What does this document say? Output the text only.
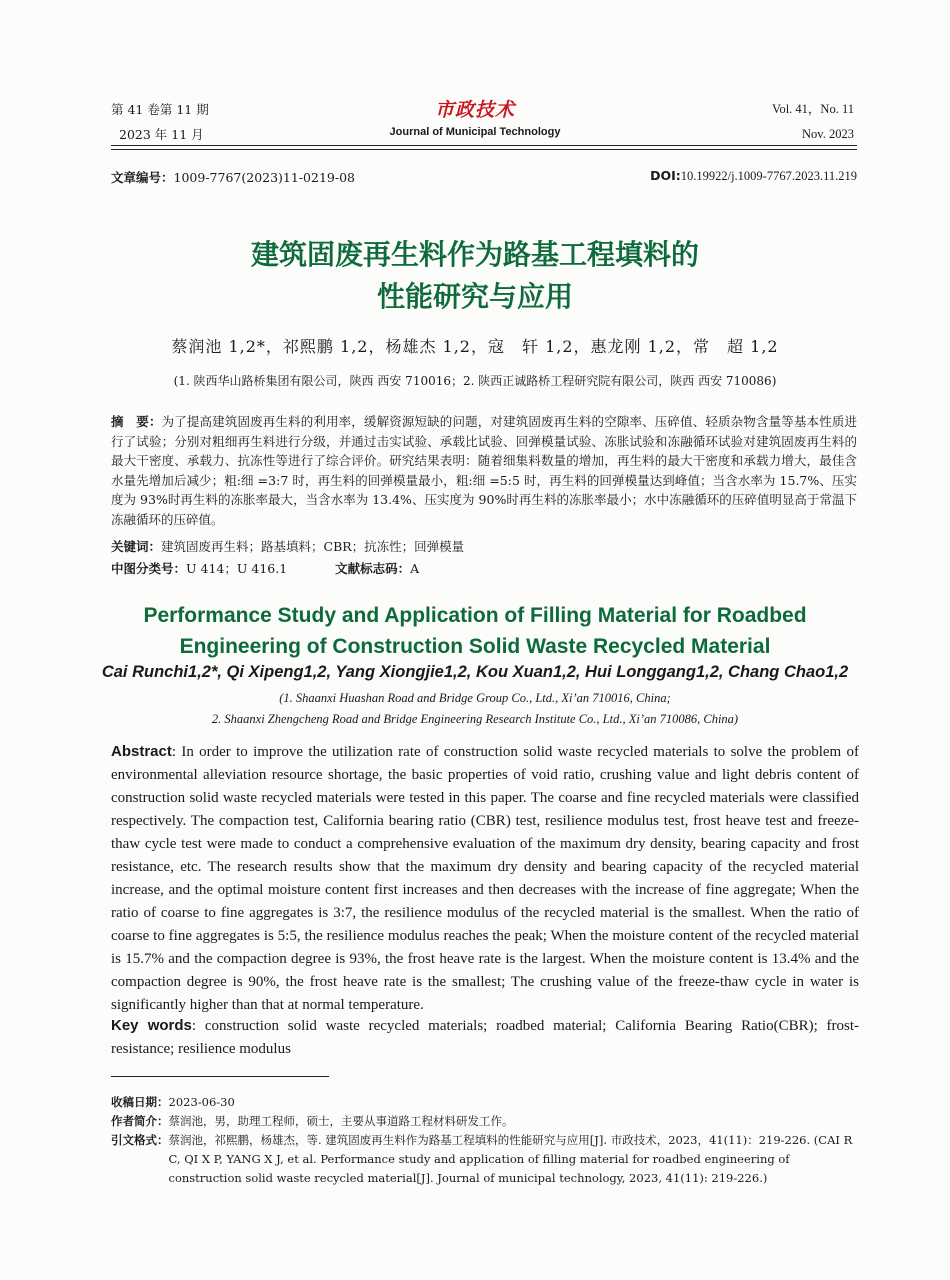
第 41 卷第 11 期
2023 年 11 月
市政技术
Journal of Municipal Technology
Vol. 41，No. 11
Nov. 2023
文章编号：1009-7767(2023)11-0219-08	DOI:10.19922/j.1009-7767.2023.11.219
建筑固废再生料作为路基工程填料的
性能研究与应用
蔡润池 1,2*，祁熙鹏 1,2，杨雄杰 1,2，寇　轩 1,2，惠龙刚 1,2，常　超 1,2
(1. 陕西华山路桥集团有限公司，陕西 西安 710016；2. 陕西正诚路桥工程研究院有限公司，陕西 西安 710086)
摘　要：为了提高建筑固废再生料的利用率，缓解资源短缺的问题，对建筑固废再生料的空隙率、压碎值、轻质杂物含量等基本性质进行了试验；分别对粗细再生料进行分级，并通过击实试验、承载比试验、回弹模量试验、冻胀试验和冻融循环试验对建筑固废再生料的最大干密度、承载力、抗冻性等进行了综合评价。研究结果表明：随着细集料数量的增加，再生料的最大干密度和承载力增大，最佳含水量先增加后减少；粗:细 =3:7 时，再生料的回弹模量最小，粗:细 =5:5 时，再生料的回弹模量达到峰值；当含水率为 15.7%、压实度为 93%时再生料的冻胀率最大，当含水率为 13.4%、压实度为 90%时再生料的冻胀率最小；水中冻融循环的压碎值明显高于常温下冻融循环的压碎值。
关键词：建筑固废再生料；路基填料；CBR；抗冻性；回弹模量
中图分类号：U 414；U 416.1	文献标志码：A
Performance Study and Application of Filling Material for Roadbed
Engineering of Construction Solid Waste Recycled Material
Cai Runchi1,2*, Qi Xipeng1,2, Yang Xiongjie1,2, Kou Xuan1,2, Hui Longgang1,2, Chang Chao1,2
(1. Shaanxi Huashan Road and Bridge Group Co., Ltd., Xi’an 710016, China;
2. Shaanxi Zhengcheng Road and Bridge Engineering Research Institute Co., Ltd., Xi’an 710086, China)
Abstract: In order to improve the utilization rate of construction solid waste recycled materials to solve the problem of environmental alleviation resource shortage, the basic properties of void ratio, crushing value and light debris content of construction solid waste recycled materials were tested in this paper. The coarse and fine recycled materials were classified respectively. The compaction test, California bearing ratio (CBR) test, resilience modulus test, frost heave test and freeze-thaw cycle test were made to conduct a comprehensive evaluation of the maximum dry density, bearing capacity and frost resistance, etc. The research results show that the maximum dry density and bearing capacity of the recycled material increase, and the optimal moisture content first increases and then decreases with the increase of fine aggregate; When the ratio of coarse to fine aggregates is 3:7, the resilience modulus of the recycled material is the smallest. When the ratio of coarse to fine aggregates is 5:5, the resilience modulus reaches the peak; When the moisture content of the recycled material is 15.7% and the compaction degree is 93%, the frost heave rate is the largest. When the moisture content is 13.4% and the compaction degree is 90%, the frost heave rate is the smallest; The crushing value of the freeze-thaw cycle in water is significantly higher than that at normal temperature.
Key words: construction solid waste recycled materials; roadbed material; California Bearing Ratio(CBR); frost-resistance; resilience modulus
收稿日期： 2023-06-30
作者简介： 蔡润池，男，助理工程师，硕士，主要从事道路工程材料研发工作。
引文格式： 蔡润池，祁熙鹏，杨雄杰，等. 建筑固废再生料作为路基工程填料的性能研究与应用[J]. 市政技术，2023，41(11)：219-226. (CAI R C, QI X P, YANG X J, et al. Performance study and application of filling material for roadbed engineering of construction solid waste recycled material[J]. Journal of municipal technology, 2023, 41(11): 219-226.)
